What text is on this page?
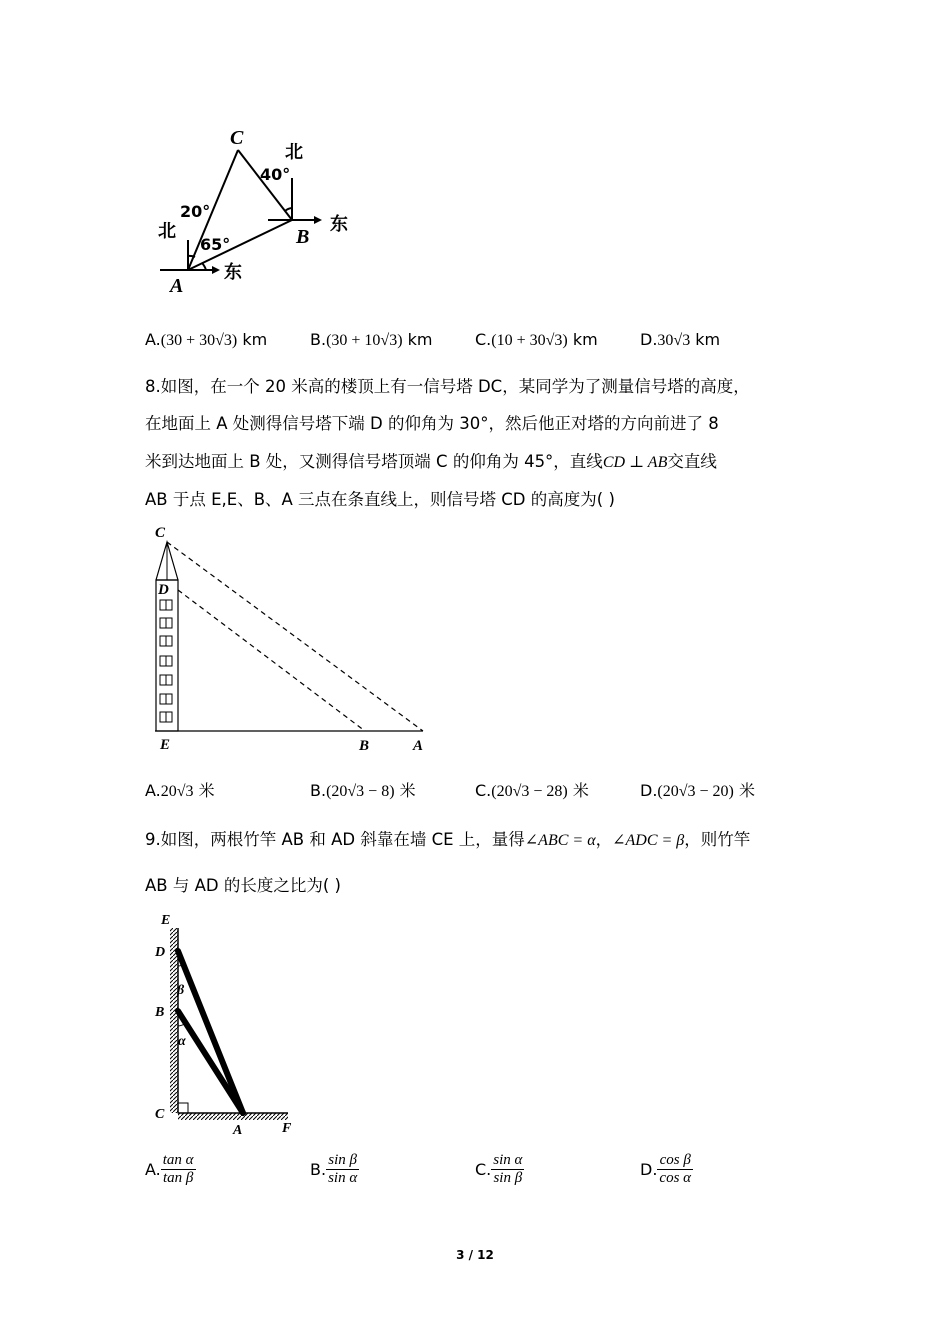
C
B
A
北
东
北
东
20°
65°
40°
A.(30 + 30√3) km	B.(30 + 10√3) km	C.(10 + 30√3) km	D.30√3 km
8.如图，在一个 20 米高的楼顶上有一信号塔 DC，某同学为了测量信号塔的高度，
在地面上 A 处测得信号塔下端 D 的仰角为 30°，然后他正对塔的方向前进了 8
米到达地面上 B 处，又测得信号塔顶端 C 的仰角为 45°，直线CD ⊥ AB交直线
AB 于点 E,E、B、A 三点在条直线上，则信号塔 CD 的高度为( )
C
D
E	B	A
A.20√3 米	B.(20√3 − 8) 米	C.(20√3 − 28) 米	D.(20√3 − 20) 米
9.如图，两根竹竿 AB 和 AD 斜靠在墙 CE 上，量得∠ABC = α，∠ADC = β，则竹竿
AB 与 AD 的长度之比为( )
E
D
B
C
A	F
β
α
A. $\frac{\text{tan α}}{\text{tan β}}$	B. $\frac{\text{sin β}}{\text{sin α}}$	C. $\frac{\text{sin α}}{\text{sin β}}$	D. $\frac{\text{cos β}}{\text{cos α}}$
3 / 12
